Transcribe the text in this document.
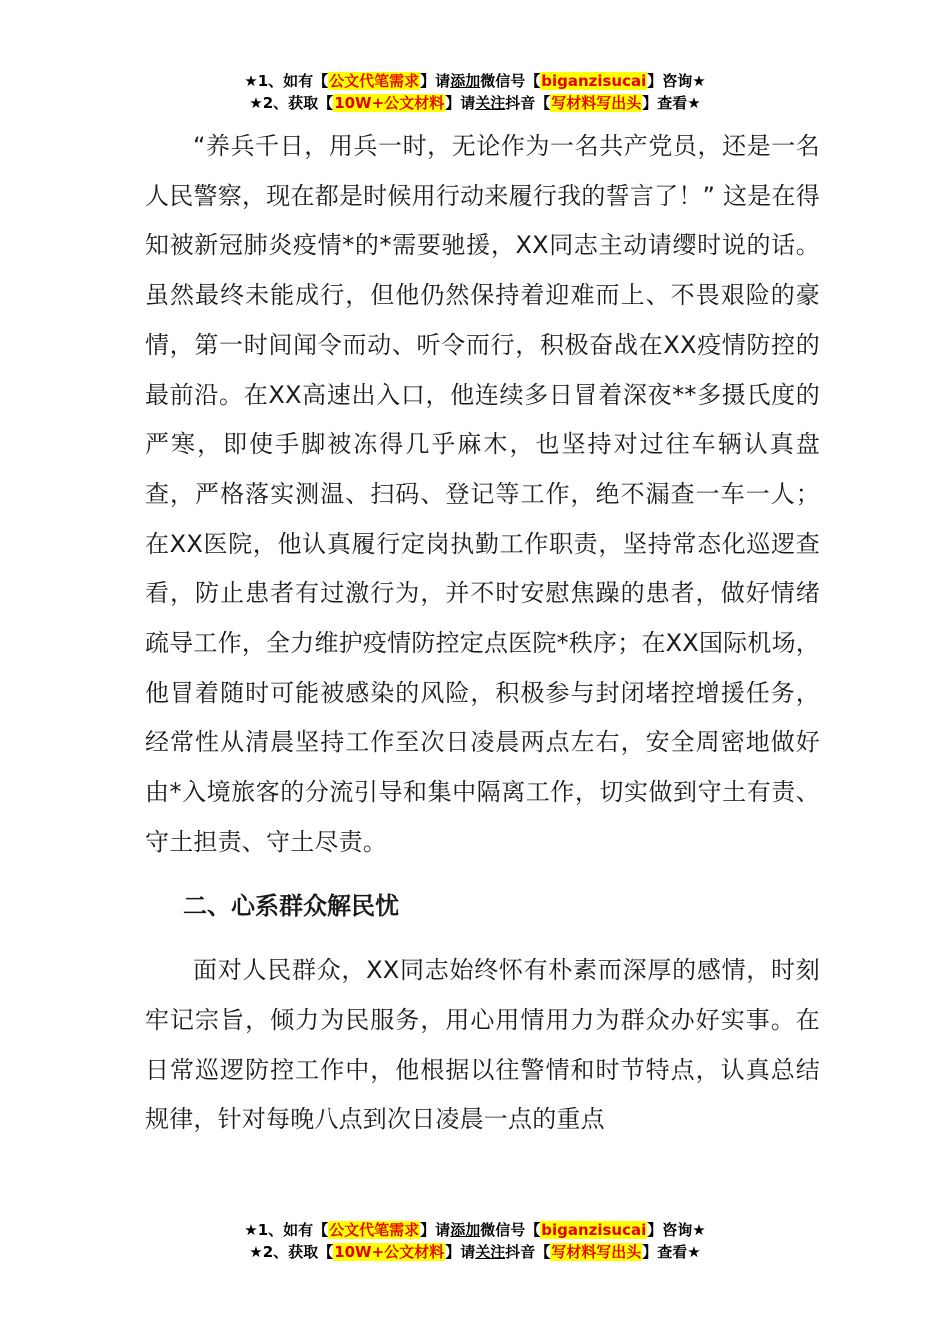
★1、如有【公文代笔需求】请添加微信号【biganzisucai】咨询★
★2、获取【10W+公文材料】请关注抖音【写材料写出头】查看★

“养兵千日，用兵一时，无论作为一名共产党员，还是一名人民警察，现在都是时候用行动来履行我的誓言了！” 这是在得知被新冠肺炎疫情*的*需要驰援，XX同志主动请缨时说的话。虽然最终未能成行，但他仍然保持着迎难而上、不畏艰险的豪情，第一时间闻令而动、听令而行，积极奋战在XX疫情防控的最前沿。在XX高速出入口，他连续多日冒着深夜**多摄氏度的严寒，即使手脚被冻得几乎麻木，也坚持对过往车辆认真盘查，严格落实测温、扫码、登记等工作，绝不漏查一车一人；在XX医院，他认真履行定岗执勤工作职责，坚持常态化巡逻查看，防止患者有过激行为，并不时安慰焦躁的患者，做好情绪疏导工作，全力维护疫情防控定点医院*秩序；在XX国际机场，他冒着随时可能被感染的风险，积极参与封闭堵控增援任务，经常性从清晨坚持工作至次日凌晨两点左右，安全周密地做好由*入境旅客的分流引导和集中隔离工作，切实做到守土有责、守土担责、守土尽责。

二、心系群众解民忧

面对人民群众，XX同志始终怀有朴素而深厚的感情，时刻牢记宗旨，倾力为民服务，用心用情用力为群众办好实事。在日常巡逻防控工作中，他根据以往警情和时节特点，认真总结规律，针对每晚八点到次日凌晨一点的重点

★1、如有【公文代笔需求】请添加微信号【biganzisucai】咨询★
★2、获取【10W+公文材料】请关注抖音【写材料写出头】查看★
